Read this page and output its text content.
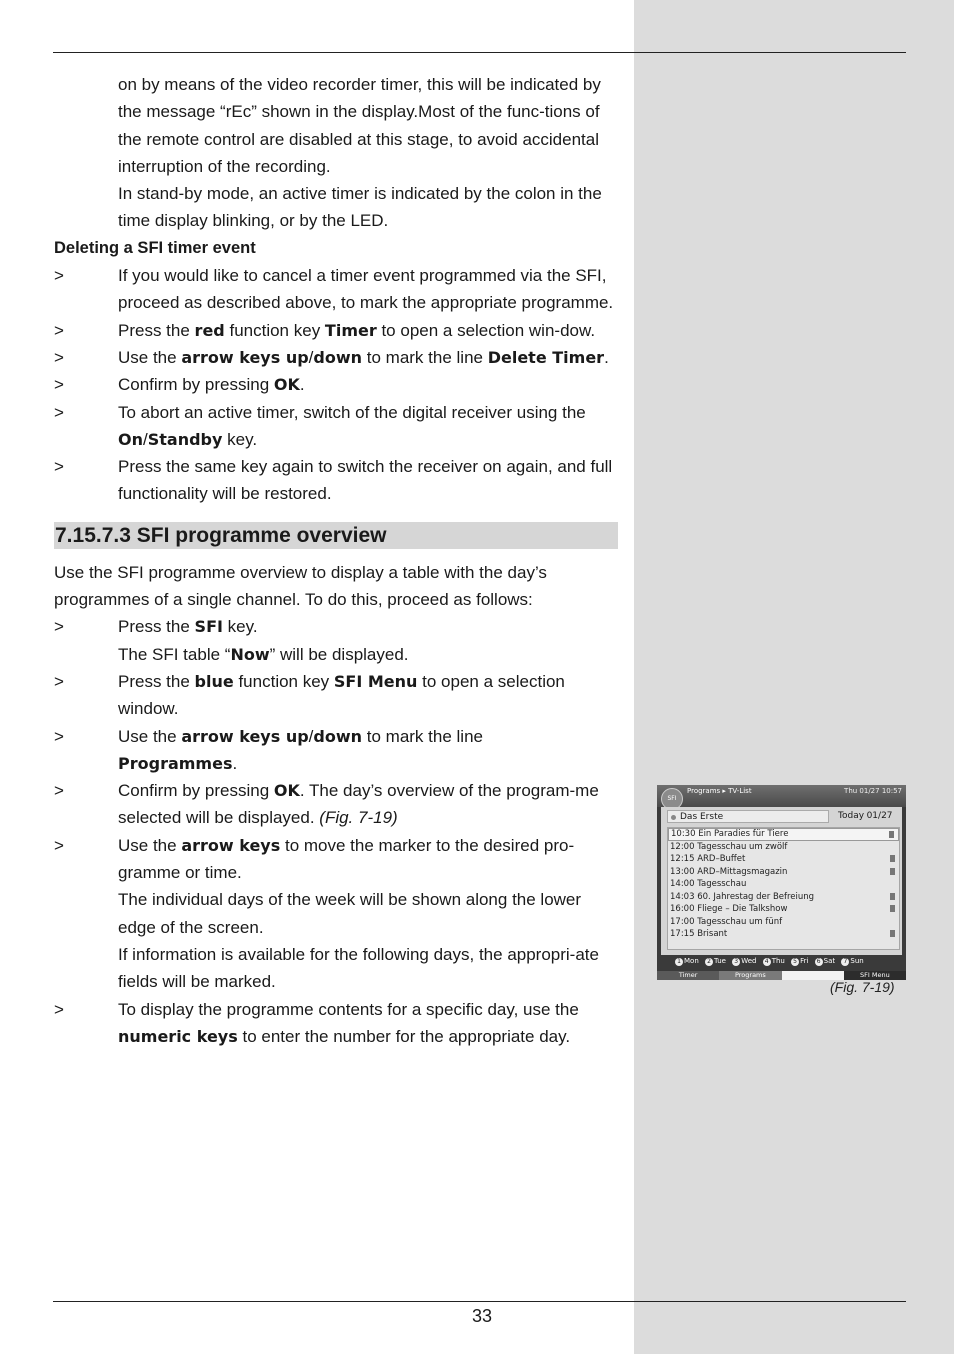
on by means of the video recorder timer, this will be indicated by the message “rEc” shown in the display.Most of the func-tions of the remote control are disabled at this stage, to avoid accidental interruption of the recording.
In stand-by mode, an active timer is indicated by the colon in the time display blinking, or by the LED.
Deleting a SFI timer event
>	If you would like to cancel a timer event programmed via the SFI, proceed as described above, to mark the appropriate programme.
>	Press the red function key Timer to open a selection win-dow.
>	Use the arrow keys up/down to mark the line Delete Timer.
>	Confirm by pressing OK.
>	To abort an active timer, switch of the digital receiver using the On/Standby key.
>	Press the same key again to switch the receiver on again, and full functionality will be restored.
7.15.7.3 SFI programme overview
Use the SFI programme overview to display a table with the day’s programmes of a single channel. To do this, proceed as follows:
>	Press the SFI key.
The SFI table “Now” will be displayed.
>	Press the blue function key SFI Menu to open a selection window.
>	Use the arrow keys up/down to mark the line
Programmes.
>	Confirm by pressing OK. The day’s overview of the program-me selected will be displayed. (Fig. 7-19)
>	Use the arrow keys to move the marker to the desired pro-gramme or time.
The individual days of the week will be shown along the lower edge of the screen.
If information is available for the following days, the appropri-ate fields will be marked.
>	To display the programme contents for a specific day, use the numeric keys to enter the number for the appropriate day.
SFI
Programs ▸ TV-List	Thu 01/27 10:57
Das Erste	Today 01/27
10:30 Ein Paradies für Tiere
12:00 Tagesschau um zwölf
12:15 ARD–Buffet
13:00 ARD–Mittagsmagazin
14:00 Tagesschau
14:03 60. Jahrestag der Befreiung
16:00 Fliege – Die Talkshow
17:00 Tagesschau um fünf
17:15 Brisant
1 Mon 2 Tue 3 Wed 4 Thu 5 Fri 6 Sat 7 Sun
Timer	Programs	SFI Menu
(Fig. 7-19)
33
